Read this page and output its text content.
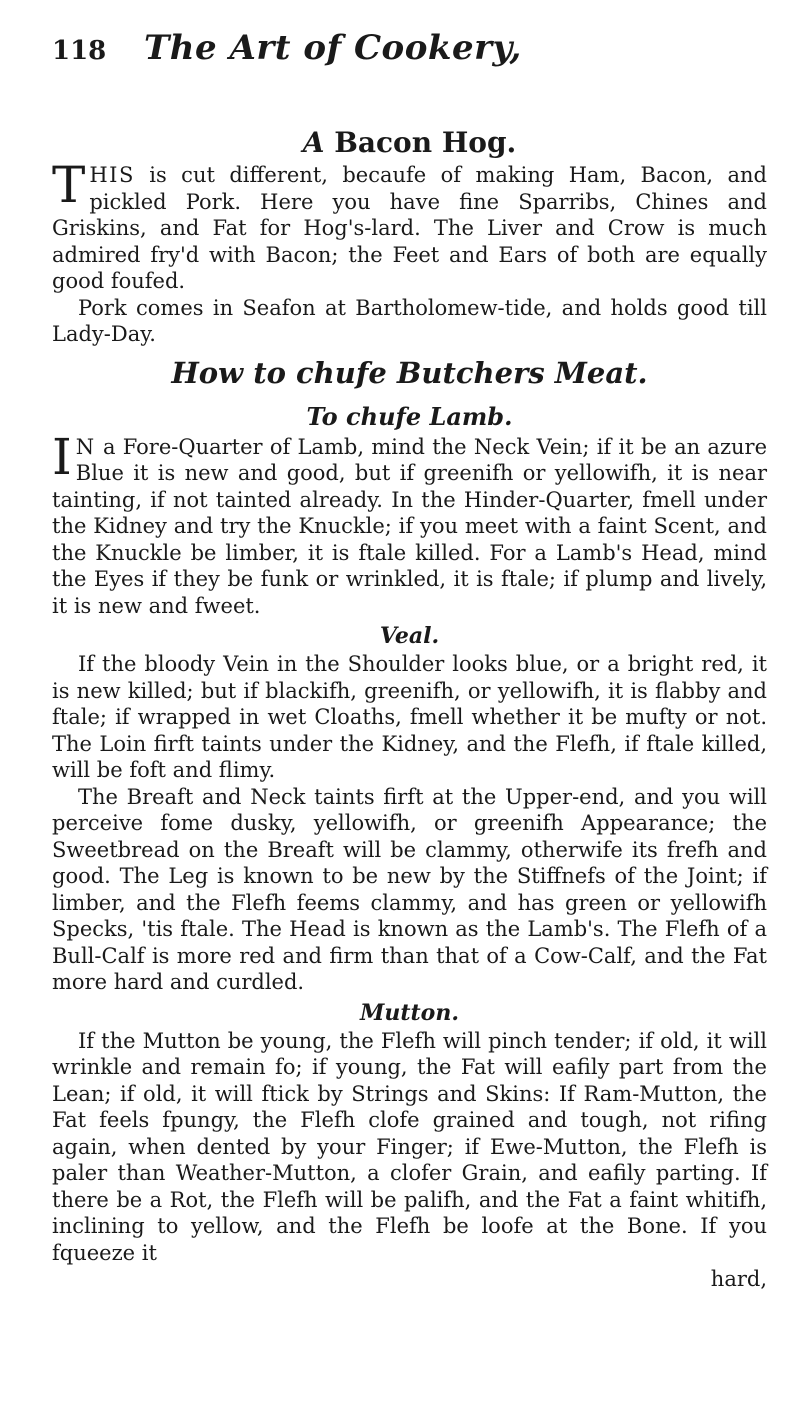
118	The Art of Cookery,
A Bacon Hog.

THIS is cut different, becaufe of making Ham, Bacon, and pickled Pork. Here you have fine Sparribs, Chines and Griskins, and Fat for Hog's-lard. The Liver and Crow is much admired fry'd with Bacon; the Feet and Ears of both are equally good foufed.

Pork comes in Seafon at Bartholomew-tide, and holds good till Lady-Day.

How to chufe Butchers Meat.
To chufe Lamb.

I N a Fore-Quarter of Lamb, mind the Neck Vein; if it be an azure Blue it is new and good, but if greenifh or yellowifh, it is near tainting, if not tainted already. In the Hinder-Quarter, fmell under the Kidney and try the Knuckle; if you meet with a faint Scent, and the Knuckle be limber, it is ftale killed. For a Lamb's Head, mind the Eyes if they be funk or wrinkled, it is ftale; if plump and lively, it is new and fweet.

Veal.

If the bloody Vein in the Shoulder looks blue, or a bright red, it is new killed; but if blackifh, greenifh, or yellowifh, it is flabby and ftale; if wrapped in wet Cloaths, fmell whether it be mufty or not. The Loin firft taints under the Kidney, and the Flefh, if ftale killed, will be foft and flimy.

The Breaft and Neck taints firft at the Upper-end, and you will perceive fome dusky, yellowifh, or greenifh Appearance; the Sweetbread on the Breaft will be clammy, otherwife its frefh and good. The Leg is known to be new by the Stiffnefs of the Joint; if limber, and the Flefh feems clammy, and has green or yellowifh Specks, 'tis ftale. The Head is known as the Lamb's. The Flefh of a Bull-Calf is more red and firm than that of a Cow-Calf, and the Fat more hard and curdled.

Mutton.

If the Mutton be young, the Flefh will pinch tender; if old, it will wrinkle and remain fo; if young, the Fat will eafily part from the Lean; if old, it will ftick by Strings and Skins: If Ram-Mutton, the Fat feels fpungy, the Flefh clofe grained and tough, not rifing again, when dented by your Finger; if Ewe-Mutton, the Flefh is paler than Weather-Mutton, a clofer Grain, and eafily parting. If there be a Rot, the Flefh will be palifh, and the Fat a faint whitifh, inclining to yellow, and the Flefh be loofe at the Bone. If you fqueeze it

hard,
